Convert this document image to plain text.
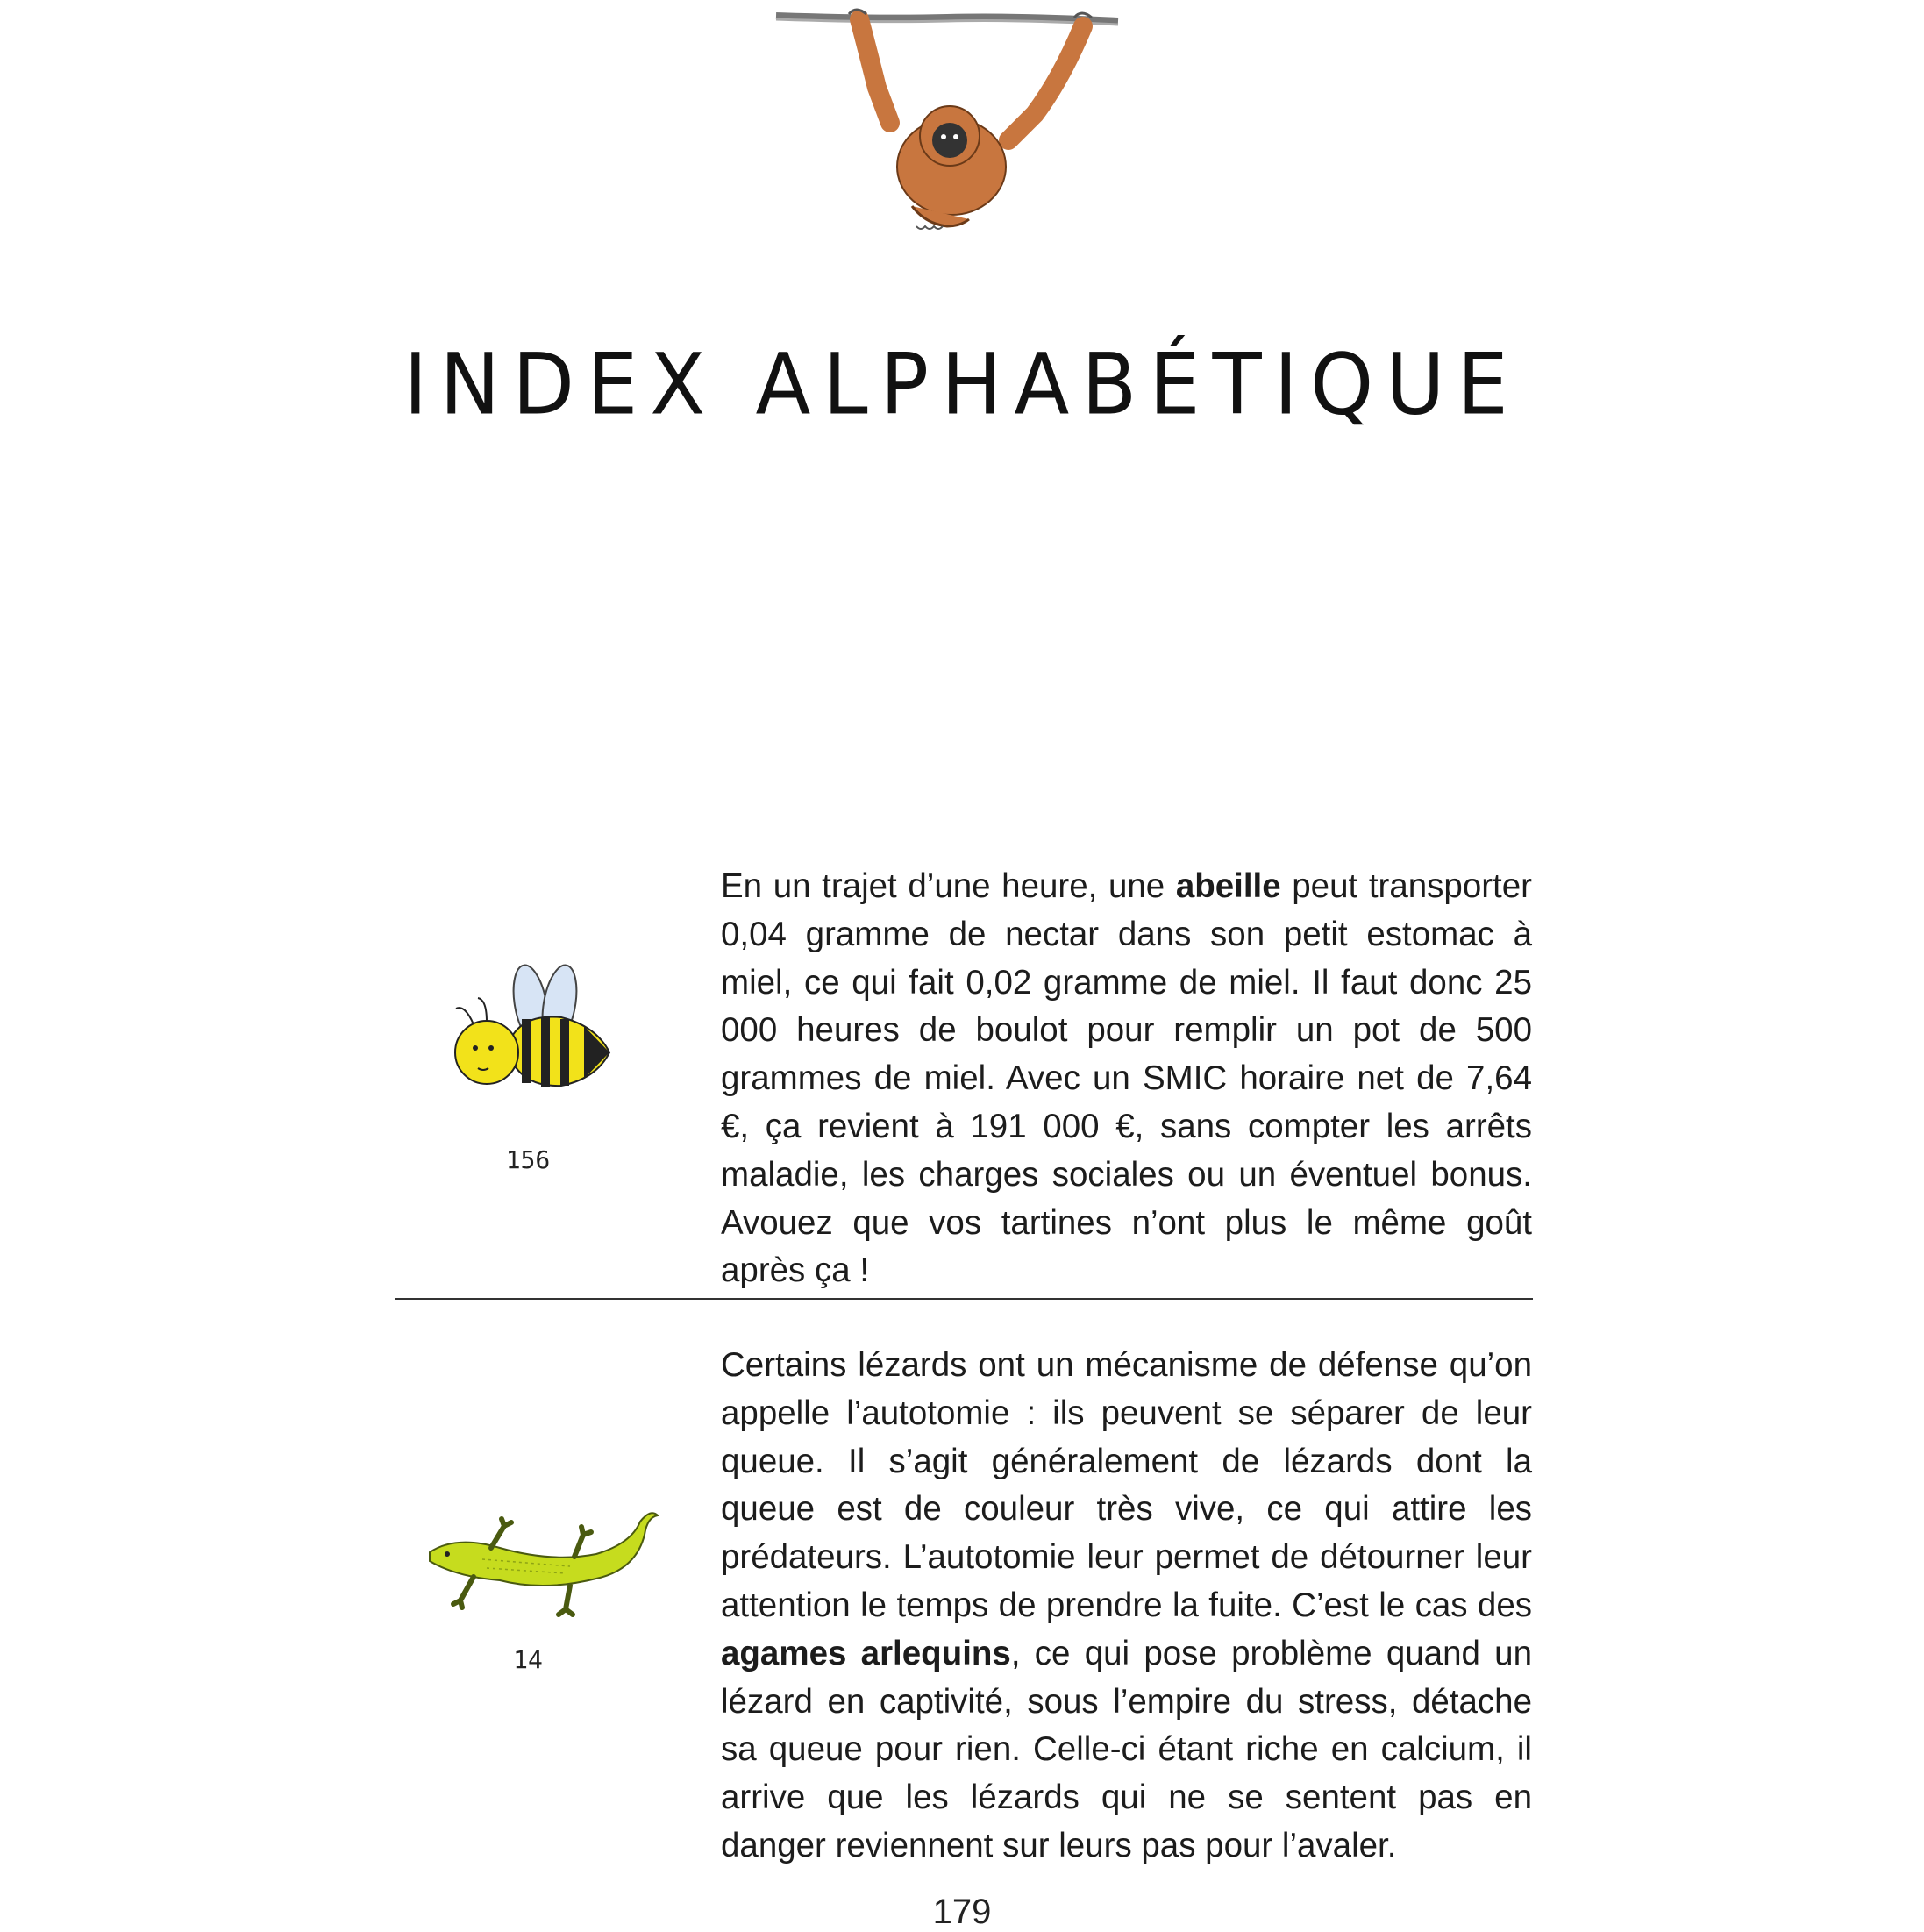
INDEX ALPHABÉTIQUE
156
En un trajet d’une heure, une abeille peut transporter 0,04 gramme de nectar dans son petit estomac à miel, ce qui fait 0,02 gramme de miel. Il faut donc 25 000 heures de boulot pour remplir un pot de 500 grammes de miel. Avec un SMIC horaire net de 7,64 €, ça revient à 191 000 €, sans compter les arrêts maladie, les charges sociales ou un éventuel bonus. Avouez que vos tartines n’ont plus le même goût après ça !
14
Certains lézards ont un mécanisme de défense qu’on appelle l’autotomie : ils peuvent se séparer de leur queue. Il s’agit généralement de lézards dont la queue est de couleur très vive, ce qui attire les prédateurs. L’autotomie leur permet de détourner leur attention le temps de prendre la fuite. C’est le cas des agames arlequins, ce qui pose problème quand un lézard en captivité, sous l’empire du stress, détache sa queue pour rien. Celle-ci étant riche en calcium, il arrive que les lézards qui ne se sentent pas en danger reviennent sur leurs pas pour l’avaler.
179
